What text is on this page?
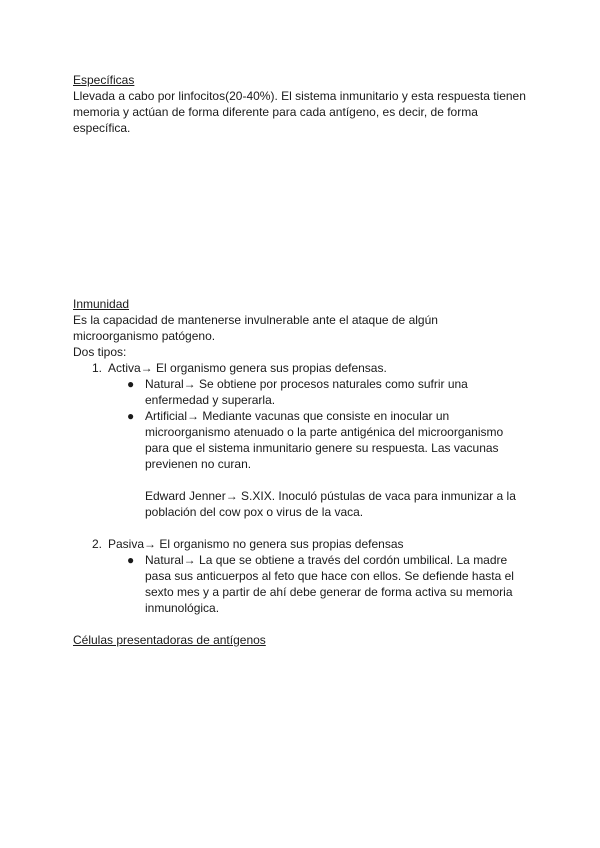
Específicas

Llevada a cabo por linfocitos(20-40%). El sistema inmunitario y esta respuesta tienen memoria y actúan de forma diferente para cada antígeno, es decir, de forma específica.

Inmunidad

Es la capacidad de mantenerse invulnerable ante el ataque de algún microorganismo patógeno.

Dos tipos:

1. Activa→ El organismo genera sus propias defensas.
● Natural→ Se obtiene por procesos naturales como sufrir una enfermedad y superarla.

● Artificial→ Mediante vacunas que consiste en inocular un microorganismo atenuado o la parte antigénica del microorganismo para que el sistema inmunitario genere su respuesta. Las vacunas previenen no curan.

Edward Jenner→ S.XIX. Inoculó pústulas de vaca para inmunizar a la población del cow pox o virus de la vaca.

2. Pasiva→ El organismo no genera sus propias defensas
● Natural→ La que se obtiene a través del cordón umbilical. La madre pasa sus anticuerpos al feto que hace con ellos. Se defiende hasta el sexto mes y a partir de ahí debe generar de forma activa su memoria inmunológica.

Células presentadoras de antígenos
